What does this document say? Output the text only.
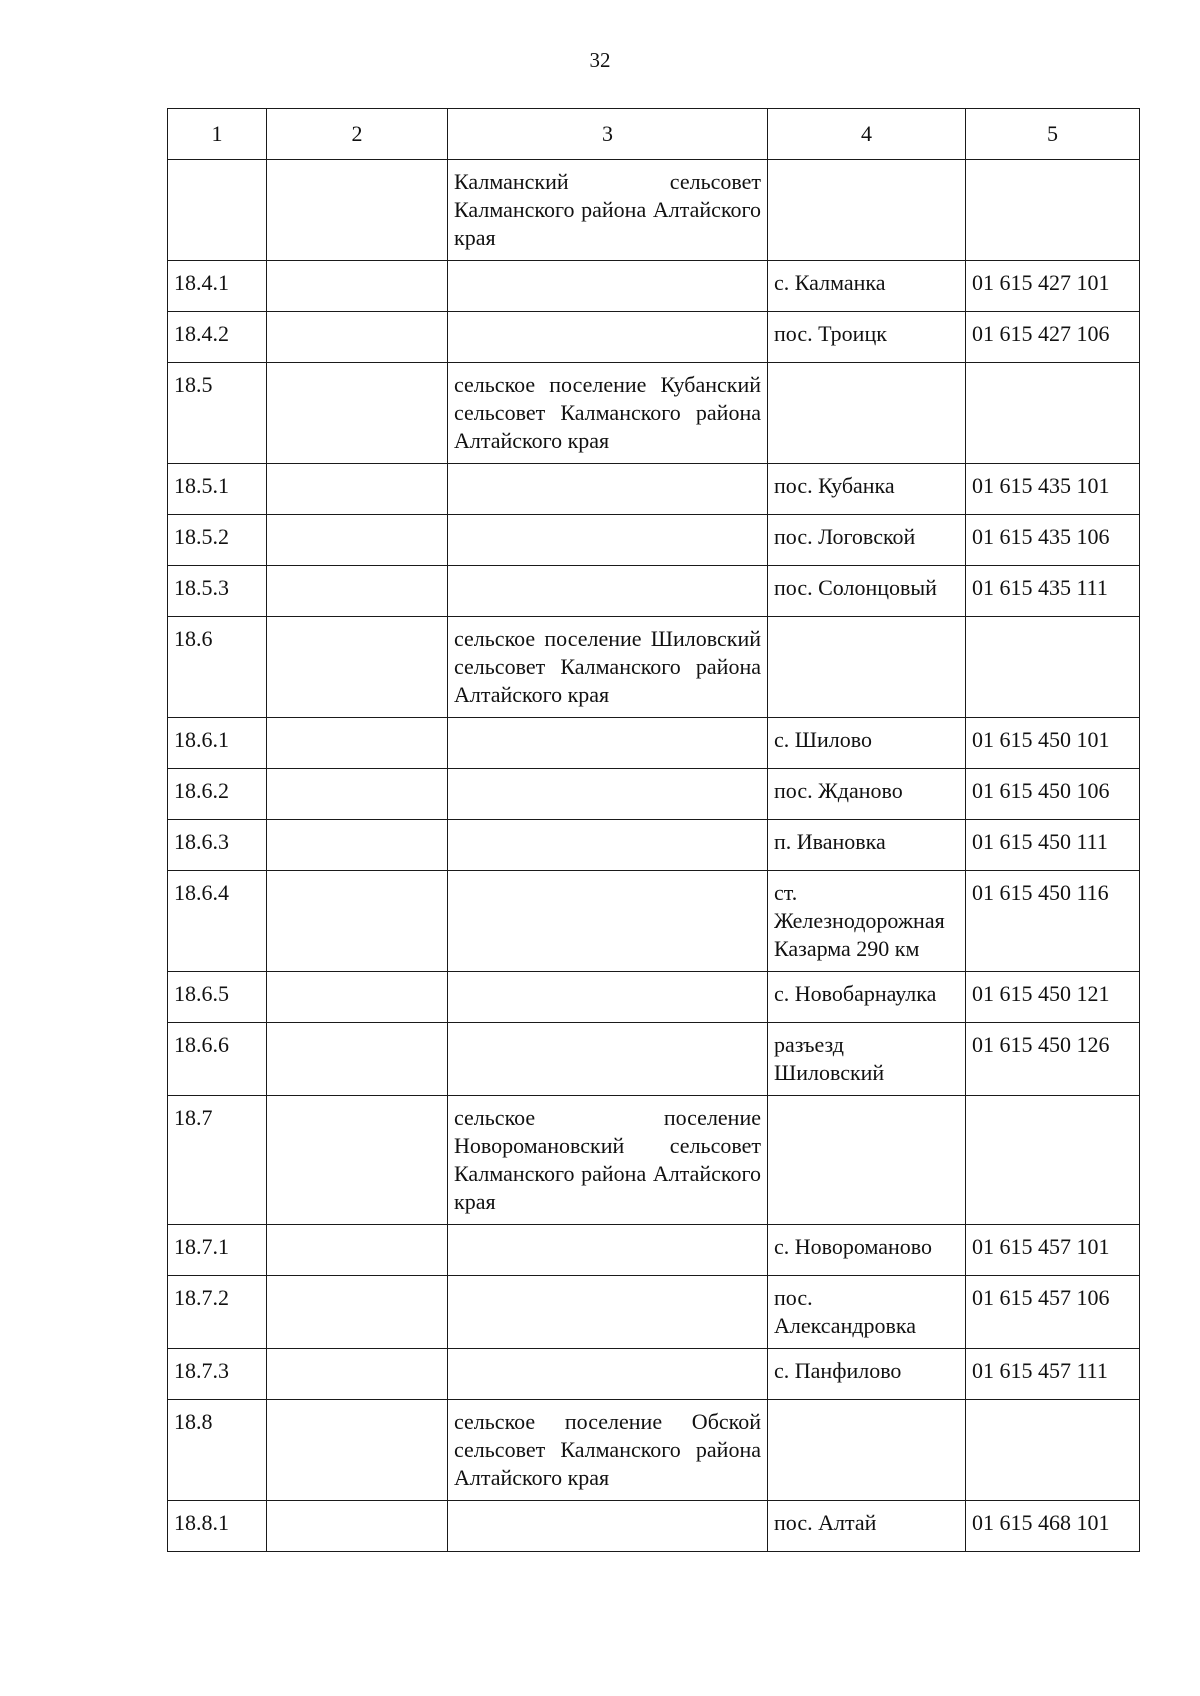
32
1	2	3	4	5
		Калманский сельсовет Калманского района Алтайского края		
18.4.1			с. Калманка	01 615 427 101
18.4.2			пос. Троицк	01 615 427 106
18.5		сельское поселение Кубанский сельсовет Калманского района Алтайского края		
18.5.1			пос. Кубанка	01 615 435 101
18.5.2			пос. Логовской	01 615 435 106
18.5.3			пос. Солонцовый	01 615 435 111
18.6		сельское поселение Шиловский сельсовет Калманского района Алтайского края		
18.6.1			с. Шилово	01 615 450 101
18.6.2			пос. Жданово	01 615 450 106
18.6.3			п. Ивановка	01 615 450 111
18.6.4			ст. Железнодорожная Казарма 290 км	01 615 450 116
18.6.5			с. Новобарнаулка	01 615 450 121
18.6.6			разъезд Шиловский	01 615 450 126
18.7		сельское поселение Новоромановский сельсовет Калманского района Алтайского края		
18.7.1			с. Новороманово	01 615 457 101
18.7.2			пос. Александровка	01 615 457 106
18.7.3			с. Панфилово	01 615 457 111
18.8		сельское поселение Обской сельсовет Калманского района Алтайского края		
18.8.1			пос. Алтай	01 615 468 101
